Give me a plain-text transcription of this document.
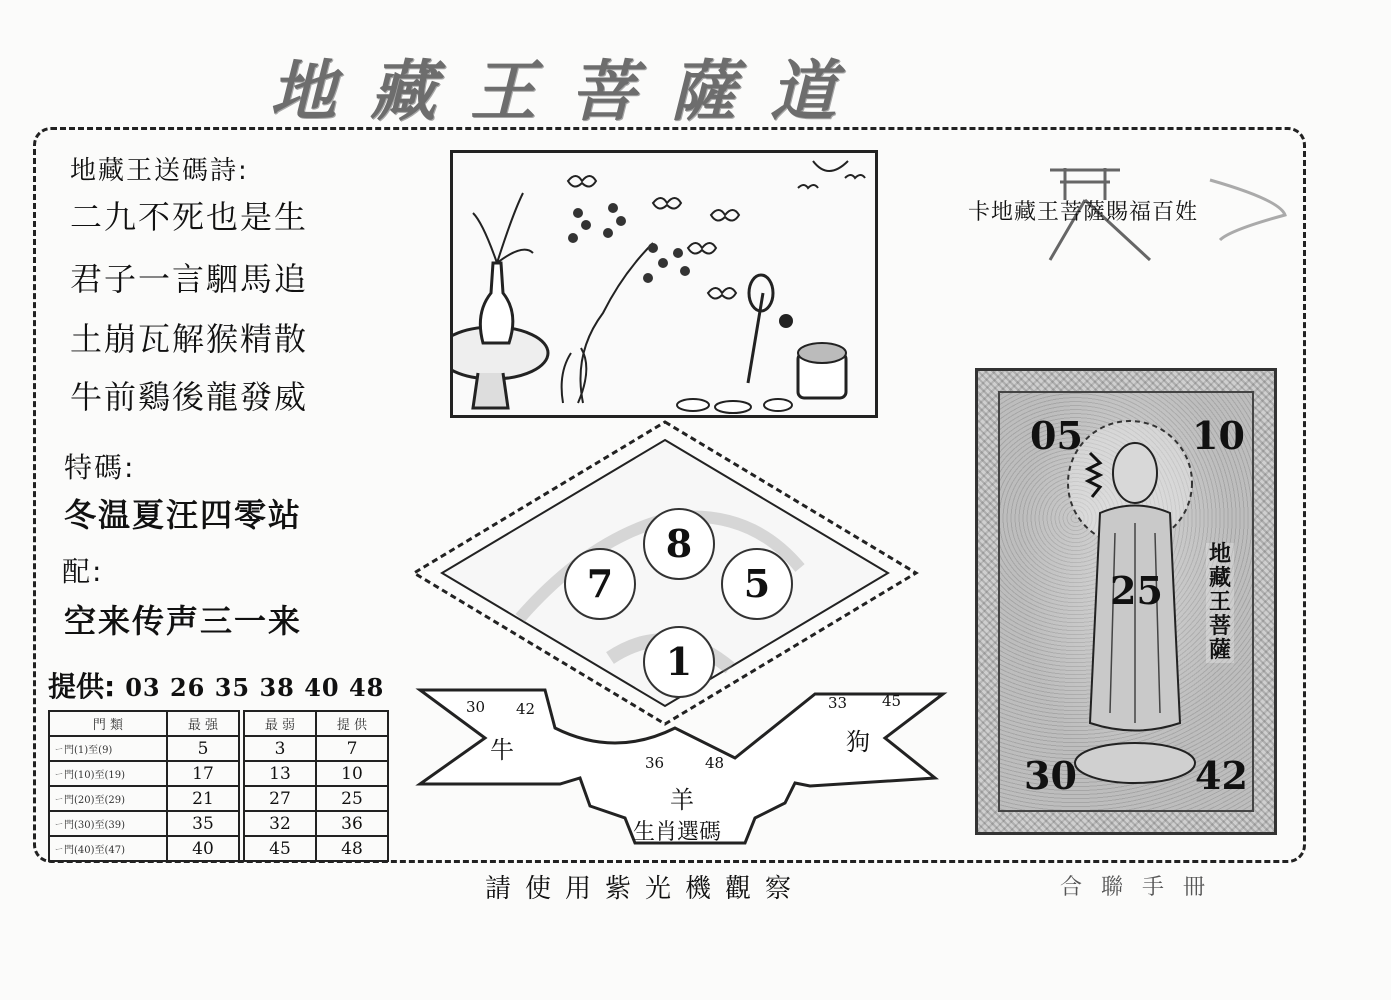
地藏王菩薩道
地藏王送碼詩:
二九不死也是生
君子一言駟馬追
土崩瓦解猴精散
牛前鷄後龍發威
特碼:
冬温夏汪四零站
配:
空来传声三一来
提供: 03 26 35 38 40 48
門 類	最 强		最 弱	提 供
ㄧ門(1)至(9)	5		3	7
ㄧ門(10)至(19)	17		13	10
ㄧ門(20)至(29)	21		27	25
ㄧ門(30)至(39)	35		32	36
ㄧ門(40)至(47)	40		45	48
8
7	5
1
牛
30 42
狗
33 45
羊
36	48
生肖選碼
卡地藏王菩薩賜福百姓
05	10
25
30	42
地藏王菩薩
請使用紫光機觀察	合 聯 手 冊
